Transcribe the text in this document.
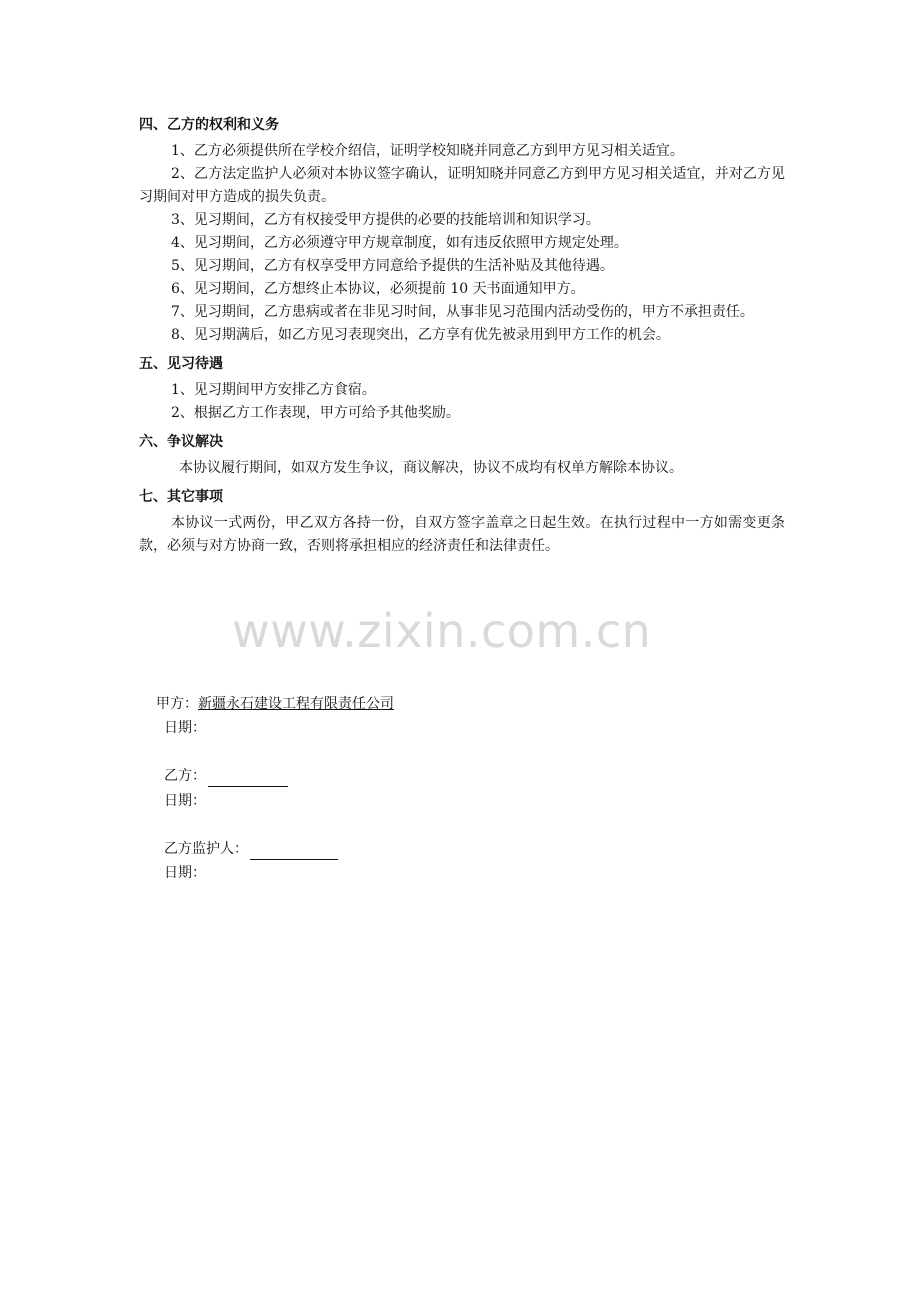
四、乙方的权利和义务

1、乙方必须提供所在学校介绍信，证明学校知晓并同意乙方到甲方见习相关适宜。

2、乙方法定监护人必须对本协议签字确认，证明知晓并同意乙方到甲方见习相关适宜，并对乙方见习期间对甲方造成的损失负责。

3、见习期间，乙方有权接受甲方提供的必要的技能培训和知识学习。

4、见习期间，乙方必须遵守甲方规章制度，如有违反依照甲方规定处理。

5、见习期间，乙方有权享受甲方同意给予提供的生活补贴及其他待遇。

6、见习期间，乙方想终止本协议，必须提前 10 天书面通知甲方。

7、见习期间，乙方患病或者在非见习时间，从事非见习范围内活动受伤的，甲方不承担责任。

8、见习期满后，如乙方见习表现突出，乙方享有优先被录用到甲方工作的机会。

五、见习待遇

1、见习期间甲方安排乙方食宿。

2、根据乙方工作表现，甲方可给予其他奖励。

六、争议解决

本协议履行期间，如双方发生争议，商议解决，协议不成均有权单方解除本协议。

七、其它事项

本协议一式两份，甲乙双方各持一份，自双方签字盖章之日起生效。在执行过程中一方如需变更条款，必须与对方协商一致，否则将承担相应的经济责任和法律责任。

www.zixin.com.cn
甲方：新疆永石建设工程有限责任公司
日期：
乙方：
日期：
乙方监护人：
日期：
